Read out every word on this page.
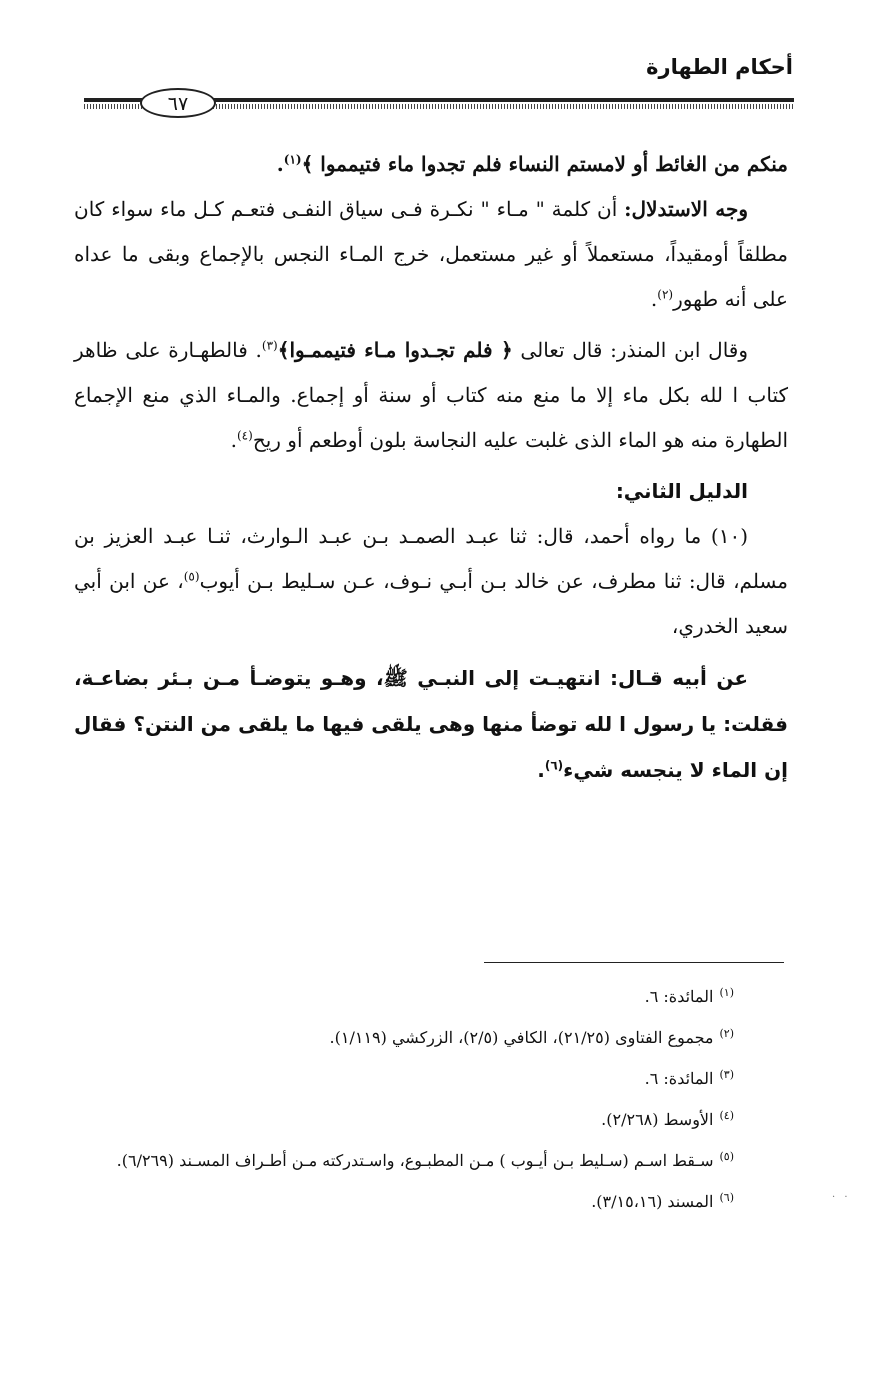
أحكام الطهارة
٦٧

منكم من الغائط أو لامستم النساء فلم تجدوا ماء فتيمموا ﴾$^{(١)}$.

وجه الاستدلال: أن كلمة " مـاء " نكـرة فـى سياق النفـى فتعـم كـل ماء سواء كان مطلقاً أومقيداً، مستعملاً أو غير مستعمل، خرج المـاء النجس بالإجماع وبقى ما عداه على أنه طهور$^{(٢)}$.

وقال ابن المنذر: قال تعالى ﴿ فلم تجـدوا مـاء فتيممـوا﴾$^{(٣)}$. فالطهـارة على ظاهر كتاب ا لله بكل ماء إلا ما منع منه كتاب أو سنة أو إجماع. والمـاء الذي منع الإجماع الطهارة منه هو الماء الذى غلبت عليه النجاسة بلون أوطعم أو ريح$^{(٤)}$.

الدليل الثاني:

(١٠) ما رواه أحمد، قال: ثنا عبـد الصمـد بـن عبـد الـوارث، ثنـا عبـد العزيز بن مسلم، قال: ثنا مطرف، عن خالد بـن أبـي نـوف، عـن سـليط بـن أيوب$^{(٥)}$، عن ابن أبي سعيد الخدري،

عن أبيه قـال: انتهيـت إلى النبـي ﷺ، وهـو يتوضـأ مـن بـئر بضاعـة، فقلت: يا رسول ا لله توضأ منها وهى يلقى فيها ما يلقى من النتن؟ فقال إن الماء لا ينجسه شيء$^{(٦)}$.

$^{(١)}$المائدة: ٦.

$^{(٢)}$مجموع الفتاوى (٢١/٢٥)، الكافي (٢/٥)، الزركشي (١/١١٩).

$^{(٣)}$المائدة: ٦.

$^{(٤)}$الأوسط (٢/٢٦٨).

$^{(٥)}$سـقط اسـم (سـليط بـن أيـوب ) مـن المطبـوع، واسـتدركته مـن أطـراف المسـند (٦/٢٦٩).

$^{(٦)}$المسند (٣/١٥،١٦).	· ·
